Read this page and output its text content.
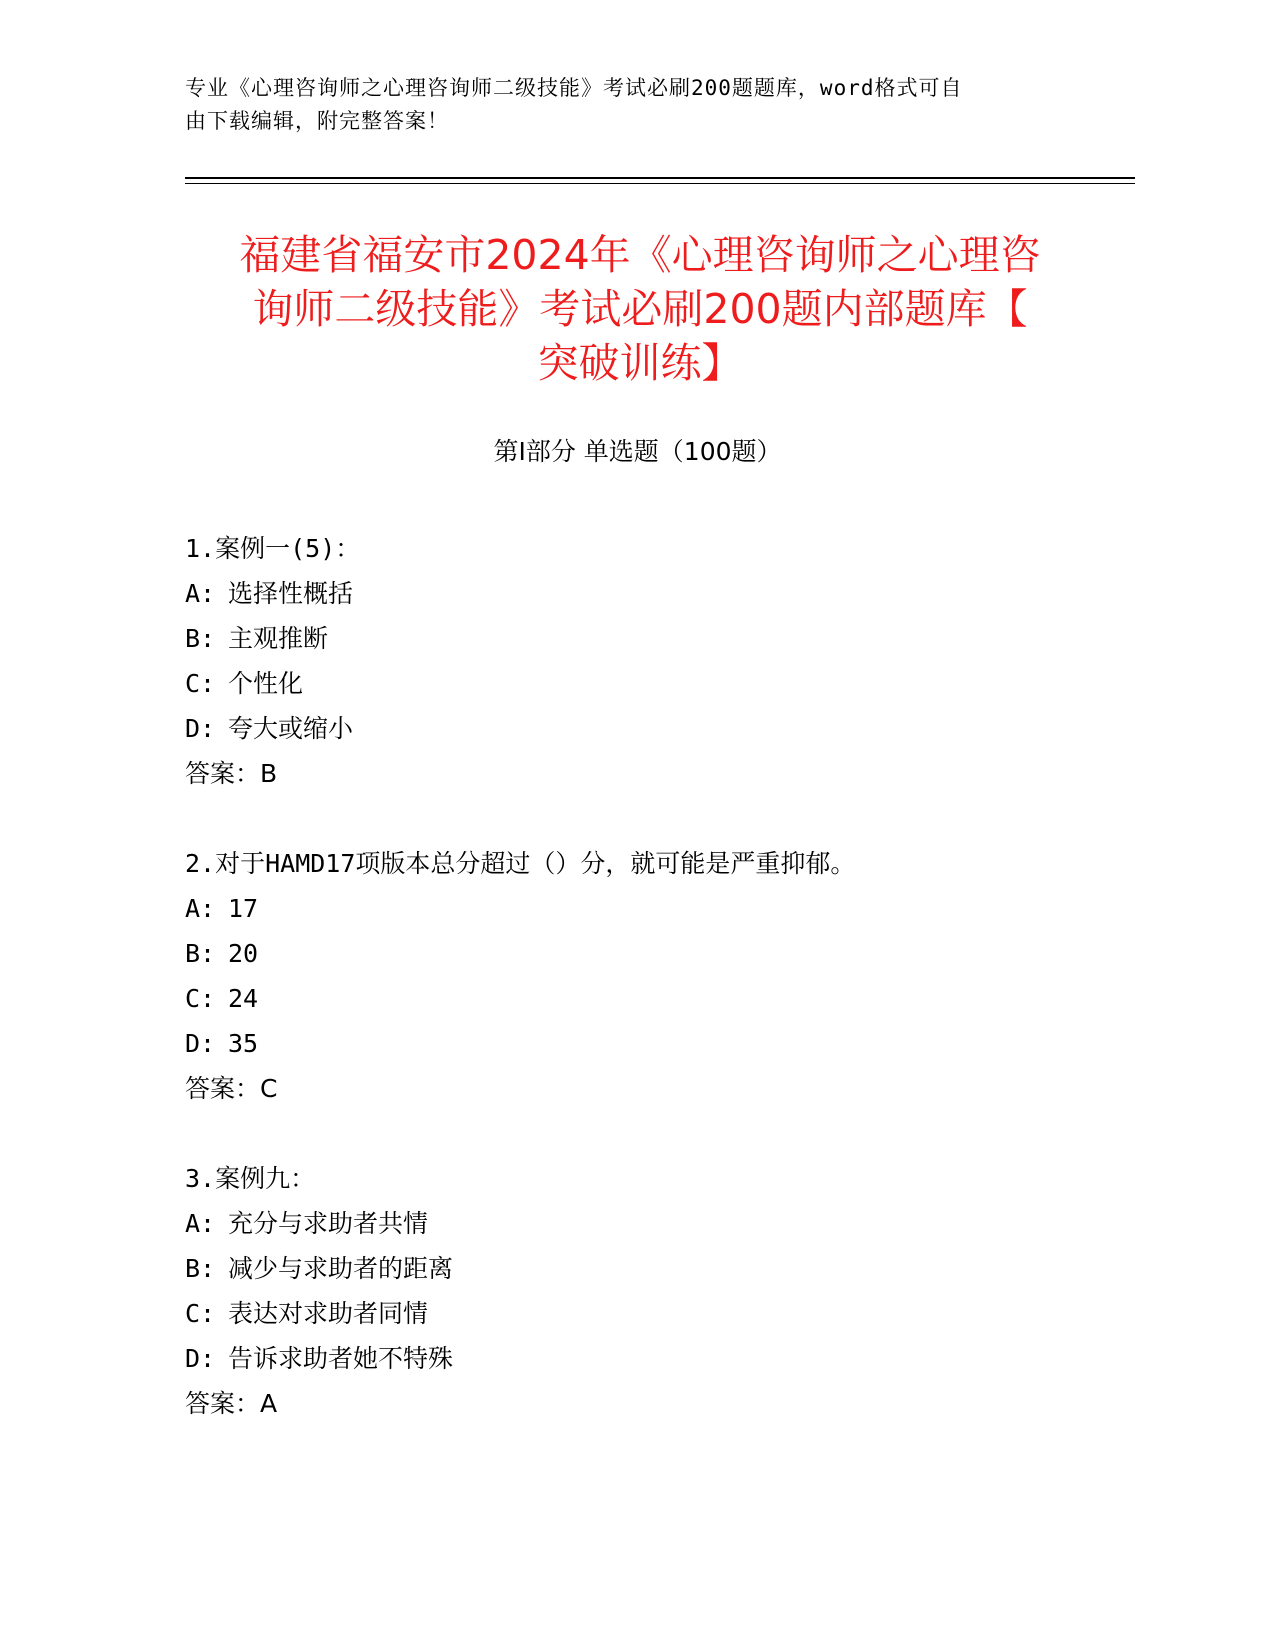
专业《心理咨询师之心理咨询师二级技能》考试必刷200题题库，word格式可自
由下载编辑，附完整答案！
福建省福安市2024年《心理咨询师之心理咨
询师二级技能》考试必刷200题内部题库【
突破训练】
第Ⅰ部分 单选题（100题）
1.案例一(5)：
A: 选择性概括
B: 主观推断
C: 个性化
D: 夸大或缩小
答案：B
2.对于HAMD17项版本总分超过（）分，就可能是严重抑郁。
A: 17
B: 20
C: 24
D: 35
答案：C
3.案例九：
A: 充分与求助者共情
B: 减少与求助者的距离
C: 表达对求助者同情
D: 告诉求助者她不特殊
答案：A
